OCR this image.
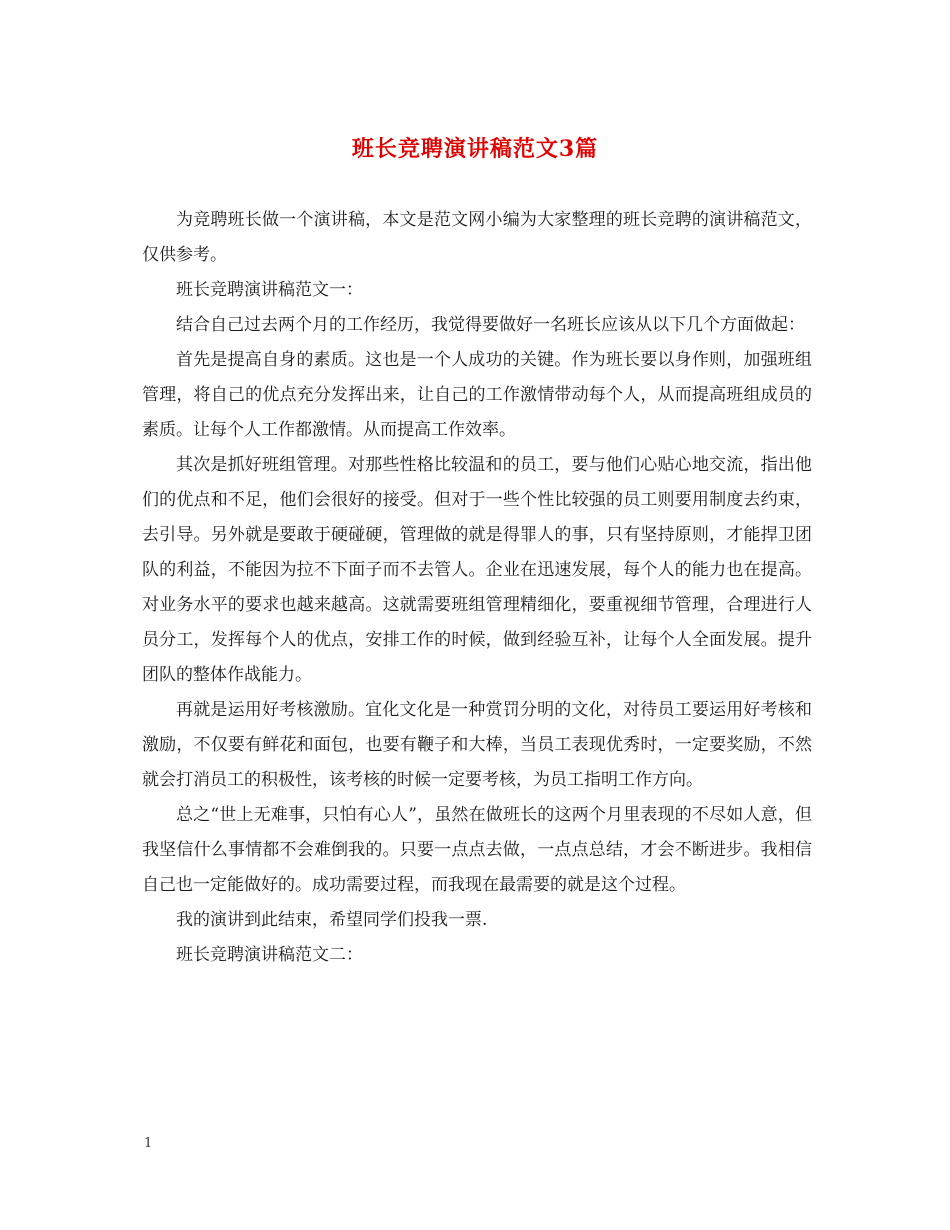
班长竞聘演讲稿范文3篇

为竞聘班长做一个演讲稿，本文是范文网小编为大家整理的班长竞聘的演讲稿范文，仅供参考。

班长竞聘演讲稿范文一：

结合自己过去两个月的工作经历，我觉得要做好一名班长应该从以下几个方面做起：

首先是提高自身的素质。这也是一个人成功的关键。作为班长要以身作则，加强班组管理，将自己的优点充分发挥出来，让自己的工作激情带动每个人，从而提高班组成员的素质。让每个人工作都激情。从而提高工作效率。

其次是抓好班组管理。对那些性格比较温和的员工，要与他们心贴心地交流，指出他们的优点和不足，他们会很好的接受。但对于一些个性比较强的员工则要用制度去约束，去引导。另外就是要敢于硬碰硬，管理做的就是得罪人的事，只有坚持原则，才能捍卫团队的利益，不能因为拉不下面子而不去管人。企业在迅速发展，每个人的能力也在提高。对业务水平的要求也越来越高。这就需要班组管理精细化，要重视细节管理，合理进行人员分工，发挥每个人的优点，安排工作的时候，做到经验互补，让每个人全面发展。提升团队的整体作战能力。

再就是运用好考核激励。宜化文化是一种赏罚分明的文化，对待员工要运用好考核和激励，不仅要有鲜花和面包，也要有鞭子和大棒，当员工表现优秀时，一定要奖励，不然就会打消员工的积极性，该考核的时候一定要考核，为员工指明工作方向。

总之“世上无难事，只怕有心人”，虽然在做班长的这两个月里表现的不尽如人意，但我坚信什么事情都不会难倒我的。只要一点点去做，一点点总结，才会不断进步。我相信自己也一定能做好的。成功需要过程，而我现在最需要的就是这个过程。

我的演讲到此结束，希望同学们投我一票.

班长竞聘演讲稿范文二：

1
